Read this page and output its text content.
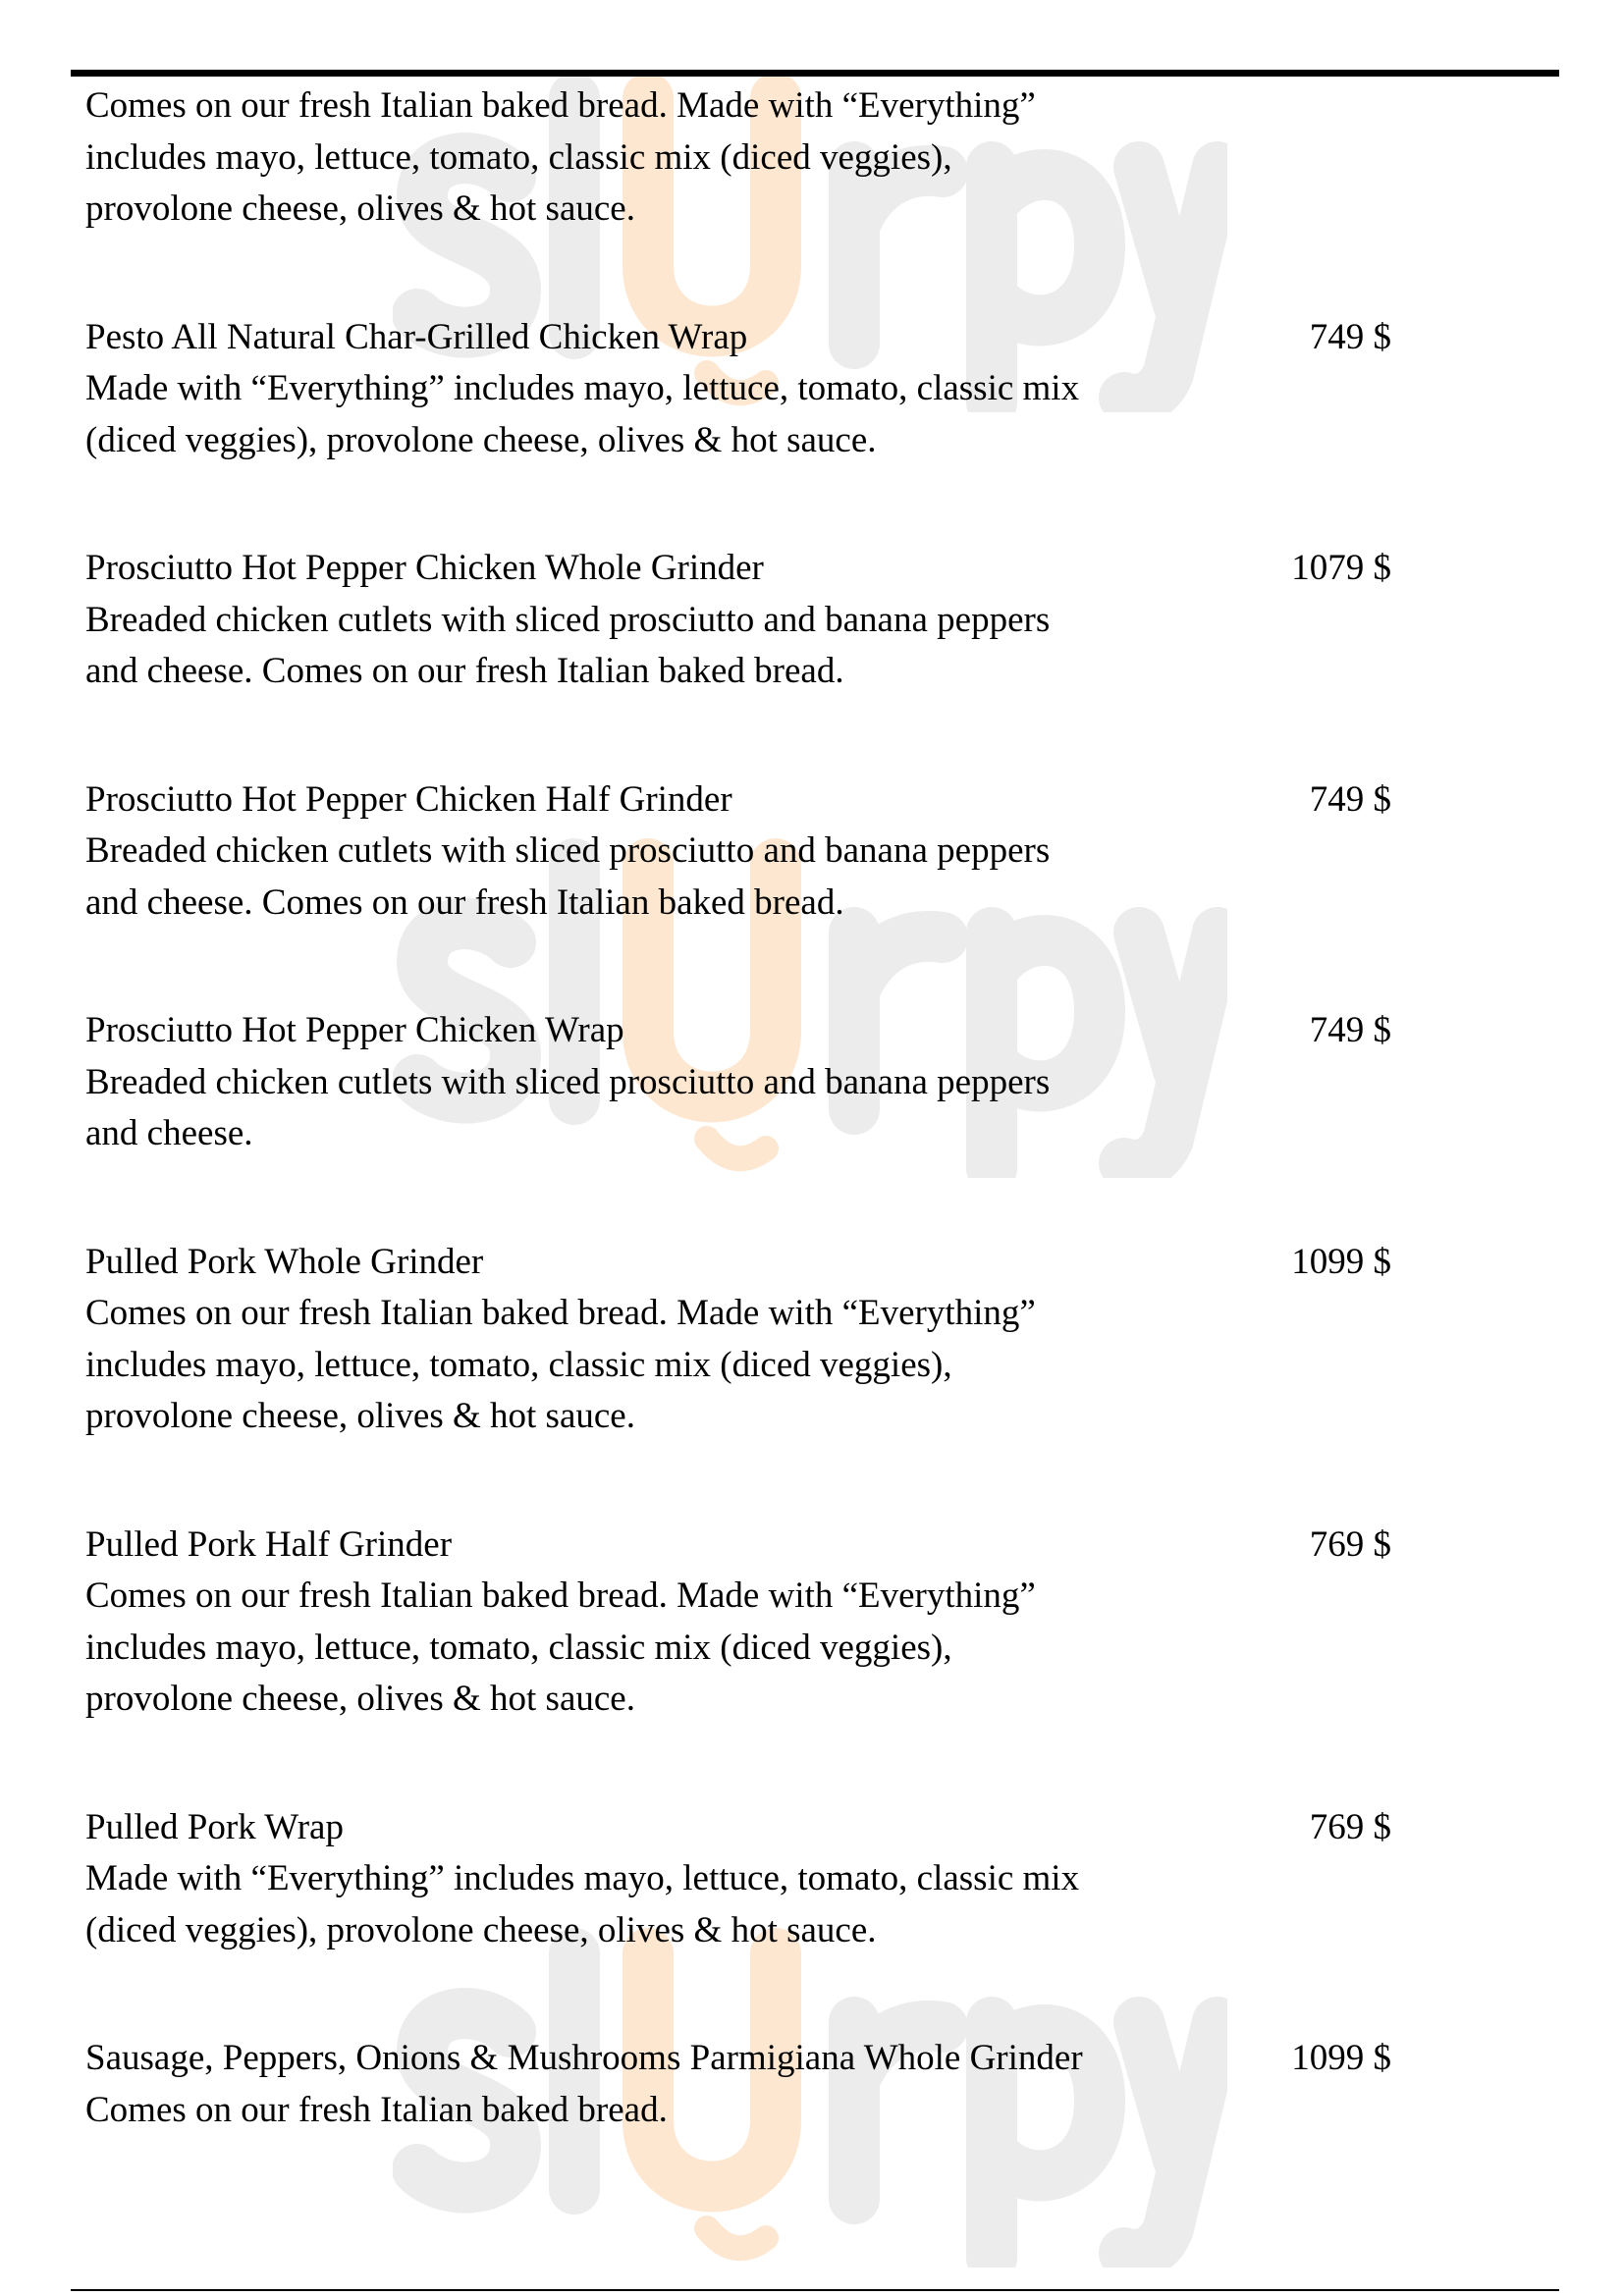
Comes on our fresh Italian baked bread. Made with “Everything”
includes mayo, lettuce, tomato, classic mix (diced veggies),
provolone cheese, olives & hot sauce.
Pesto All Natural Char-Grilled Chicken Wrap	749 $
Made with “Everything” includes mayo, lettuce, tomato, classic mix
(diced veggies), provolone cheese, olives & hot sauce.
Prosciutto Hot Pepper Chicken Whole Grinder	1079 $
Breaded chicken cutlets with sliced prosciutto and banana peppers
and cheese. Comes on our fresh Italian baked bread.
Prosciutto Hot Pepper Chicken Half Grinder	749 $
Breaded chicken cutlets with sliced prosciutto and banana peppers
and cheese. Comes on our fresh Italian baked bread.
Prosciutto Hot Pepper Chicken Wrap	749 $
Breaded chicken cutlets with sliced prosciutto and banana peppers
and cheese.
Pulled Pork Whole Grinder	1099 $
Comes on our fresh Italian baked bread. Made with “Everything”
includes mayo, lettuce, tomato, classic mix (diced veggies),
provolone cheese, olives & hot sauce.
Pulled Pork Half Grinder	769 $
Comes on our fresh Italian baked bread. Made with “Everything”
includes mayo, lettuce, tomato, classic mix (diced veggies),
provolone cheese, olives & hot sauce.
Pulled Pork Wrap	769 $
Made with “Everything” includes mayo, lettuce, tomato, classic mix
(diced veggies), provolone cheese, olives & hot sauce.
Sausage, Peppers, Onions & Mushrooms Parmigiana Whole Grinder	1099 $
Comes on our fresh Italian baked bread.
